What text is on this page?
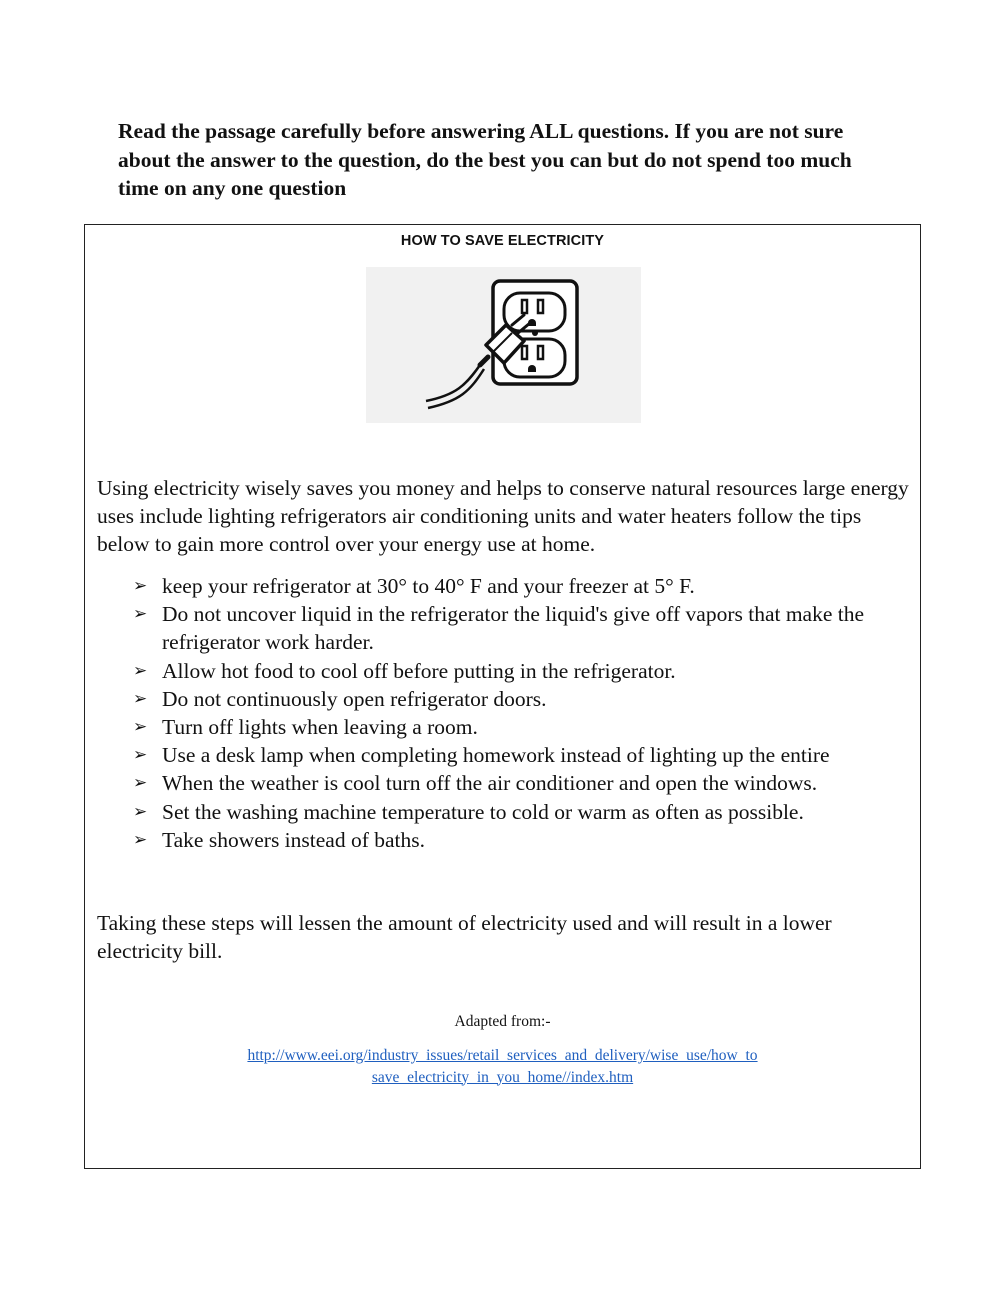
Read the passage carefully before answering ALL questions. If you are not sure about the answer to the question, do the best you can but do not spend too much time on any one question

HOW TO SAVE ELECTRICITY

Using electricity wisely saves you money and helps to conserve natural resources large energy uses include lighting refrigerators air conditioning units and water heaters follow the tips below to gain more control over your energy use at home.

➢ keep your refrigerator at 30° to 40° F and your freezer at 5° F.
➢ Do not uncover liquid in the refrigerator the liquid's give off vapors that make the refrigerator work harder.
➢ Allow hot food to cool off before putting in the refrigerator.
➢ Do not continuously open refrigerator doors.
➢ Turn off lights when leaving a room.
➢ Use a desk lamp when completing homework instead of lighting up the entire
➢ When the weather is cool turn off the air conditioner and open the windows.
➢ Set the washing machine temperature to cold or warm as often as possible.
➢ Take showers instead of baths.

Taking these steps will lessen the amount of electricity used and will result in a lower electricity bill.

Adapted from:-

http://www.eei.org/industry_issues/retail_services_and_delivery/wise_use/how_to
save_electricity_in_you_home//index.htm
